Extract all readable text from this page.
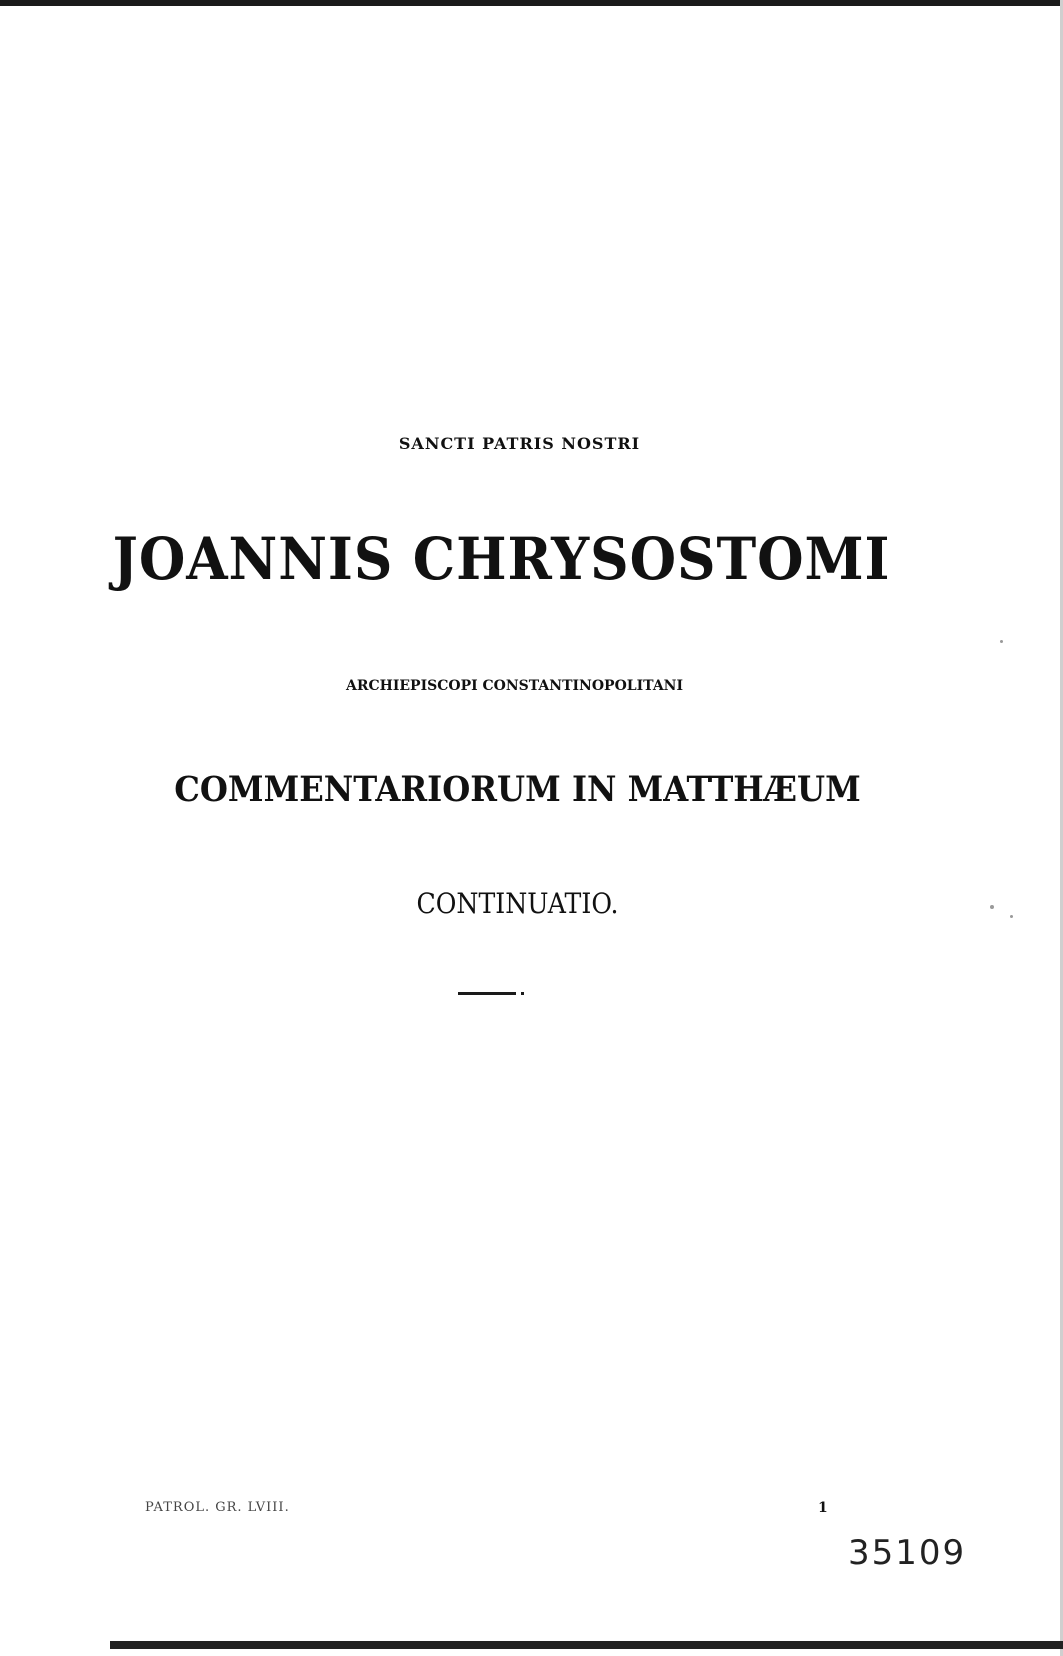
SANCTI PATRIS NOSTRI
JOANNIS CHRYSOSTOMI
ARCHIEPISCOPI CONSTANTINOPOLITANI
COMMENTARIORUM IN MATTHÆUM
CONTINUATIO.
PATROL. GR. LVIII.	1
35109
